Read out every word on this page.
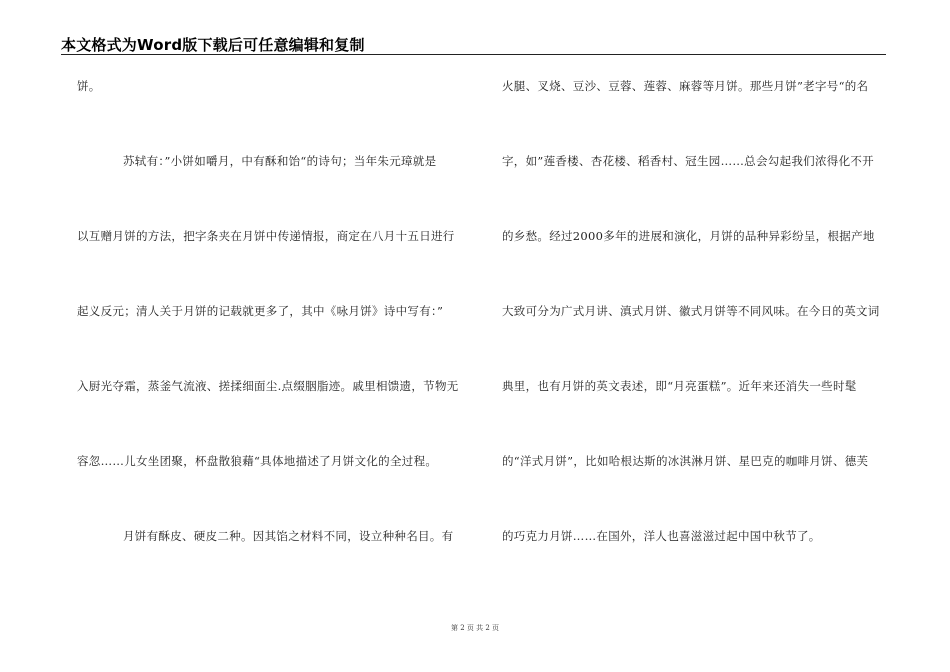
本文格式为Word版下载后可任意编辑和复制
饼。
苏轼有：”小饼如嚼月，中有酥和饴“的诗句；当年朱元璋就是
以互赠月饼的方法，把字条夹在月饼中传递情报，商定在八月十五日进行
起义反元；清人关于月饼的记载就更多了，其中《咏月饼》诗中写有：”
入厨光夺霜，蒸釜气流液、搓揉细面尘.点缀胭脂迹。戚里相馈遗，节物无
容忽……儿女坐团聚，杯盘散狼藉“具体地描述了月饼文化的全过程。
月饼有酥皮、硬皮二种。因其馅之材料不同，设立种种名目。有
火腿、叉烧、豆沙、豆蓉、莲蓉、麻蓉等月饼。那些月饼”老字号“的名
字，如”莲香楼、杏花楼、稻香村、冠生园……总会勾起我们浓得化不开
的乡愁。经过2000多年的进展和演化，月饼的品种异彩纷呈，根据产地
大致可分为广式月讲、滇式月饼、徽式月饼等不同风味。在今日的英文词
典里，也有月饼的英文表述，即“月亮蛋糕”。近年来还消失一些时髦
的“洋式月饼”，比如哈根达斯的冰淇淋月饼、星巴克的咖啡月饼、德芙
的巧克力月饼……在国外，洋人也喜滋滋过起中国中秋节了。
第 2 页 共 2 页
